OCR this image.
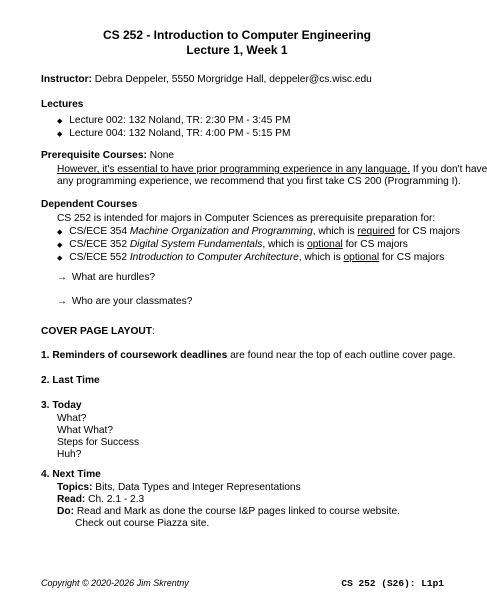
CS 252 - Introduction to Computer Engineering
Lecture 1, Week 1
Instructor: Debra Deppeler, 5550 Morgridge Hall, deppeler@cs.wisc.edu
Lectures
◆ Lecture 002: 132 Noland, TR: 2:30 PM - 3:45 PM
◆ Lecture 004: 132 Noland, TR: 4:00 PM - 5:15 PM
Prerequisite Courses: None
However, it's essential to have prior programming experience in any language. If you don't have
any programming experience, we recommend that you first take CS 200 (Programming I).
Dependent Courses
CS 252 is intended for majors in Computer Sciences as prerequisite preparation for:
◆ CS/ECE 354 Machine Organization and Programming, which is required for CS majors
◆ CS/ECE 352 Digital System Fundamentals, which is optional for CS majors
◆ CS/ECE 552 Introduction to Computer Architecture, which is optional for CS majors
→ What are hurdles?
→ Who are your classmates?
COVER PAGE LAYOUT:
1. Reminders of coursework deadlines are found near the top of each outline cover page.
2. Last Time
3. Today
What?
What What?
Steps for Success
Huh?
4. Next Time
Topics: Bits, Data Types and Integer Representations
Read: Ch. 2.1 - 2.3
Do: Read and Mark as done the course I&P pages linked to course website.
Check out course Piazza site.
Copyright © 2020-2026 Jim Skrentny	CS 252 (S26): L1p1
